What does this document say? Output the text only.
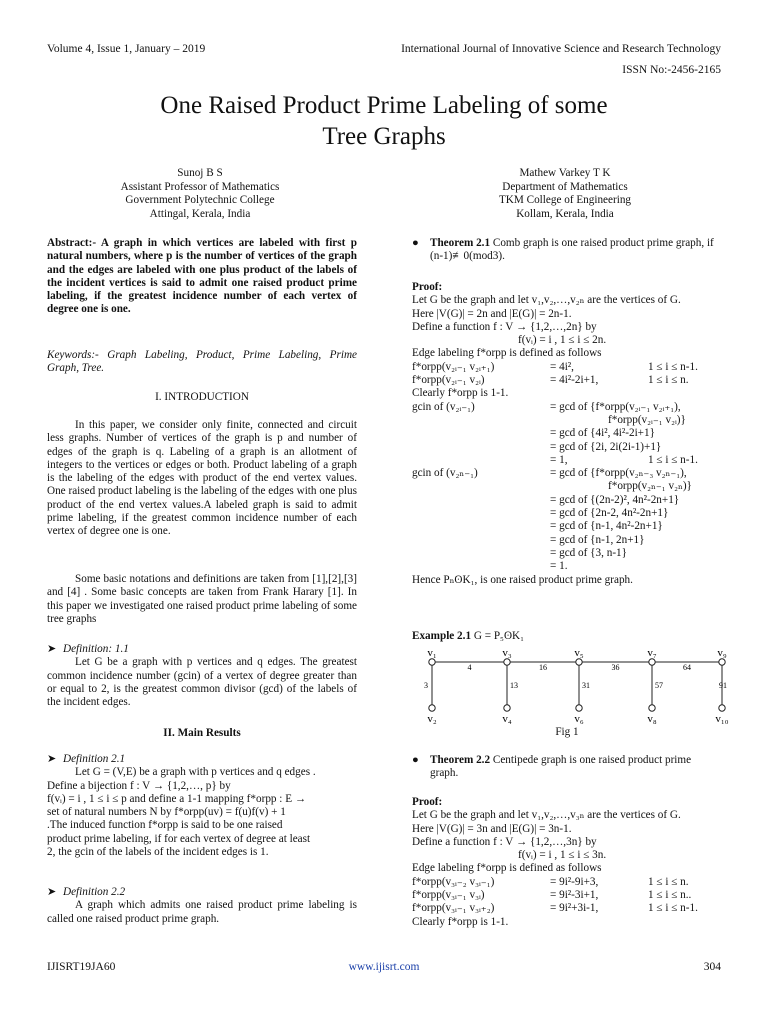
Volume 4, Issue 1, January – 2019	International Journal of Innovative Science and Research Technology
ISSN No:-2456-2165
One Raised Product Prime Labeling of some
Tree Graphs
Sunoj B S
Assistant Professor of Mathematics
Government Polytechnic College
Attingal, Kerala, India
Mathew Varkey T K
Department of Mathematics
TKM College of Engineering
Kollam, Kerala, India
Abstract:- A graph in which vertices are labeled with first p natural numbers, where p is the number of vertices of the graph and the edges are labeled with one plus product of the labels of the incident vertices is said to admit one raised product prime labeling, if the greatest incidence number of each vertex of degree one is one.
Keywords:- Graph Labeling, Product, Prime Labeling, Prime Graph, Tree.
I. INTRODUCTION
In this paper, we consider only finite, connected and circuit less graphs. Number of vertices of the graph is p and number of edges of the graph is q. Labeling of a graph is an allotment of integers to the vertices or edges or both. Product labeling of a graph is the labeling of the edges with product of the end vertex values. One raised product labeling is the labeling of the edges with one plus product of the end vertex values.A labeled graph is said to admit prime labeling, if the greatest common incidence number of each vertex of degree one is one.
Some basic notations and definitions are taken from [1],[2],[3] and [4] . Some basic concepts are taken from Frank Harary [1]. In this paper we investigated one raised product prime labeling of some tree graphs
➤ Definition: 1.1
Let G be a graph with p vertices and q edges. The greatest common incidence number (gcin) of a vertex of degree greater than or equal to 2, is the greatest common divisor (gcd) of the labels of the incident edges.
II. Main Results
➤ Definition 2.1
Let G = (V,E) be a graph with p vertices and q edges .
Define a bijection f : V → {1,2,…, p} by
f(vᵢ) = i , 1 ≤ i ≤ p and define a 1-1 mapping f*orpp : E →
set of natural numbers N by f*orpp(uv) = f(u)f(v) + 1
.The induced function f*orpp is said to be one raised
product prime labeling, if for each vertex of degree at least
2, the gcin of the labels of the incident edges is 1.
➤ Definition 2.2
A graph which admits one raised product prime labeling is called one raised product prime graph.
● Theorem 2.1 Comb graph is one raised product prime graph, if (n-1)≢0(mod3).
Proof:
Let G be the graph and let v₁,v₂,…,v₂ₙ are the vertices of G.
Here |V(G)| = 2n and |E(G)| = 2n-1.
Define a function f : V → {1,2,…,2n} by
f(vᵢ) = i , 1 ≤ i ≤ 2n.
Edge labeling f*orpp is defined as follows
f*orpp(v₂ᵢ₋₁ v₂ᵢ₊₁)	= 4i²,	1 ≤ i ≤ n-1.
f*orpp(v₂ᵢ₋₁ v₂ᵢ)	= 4i²-2i+1,	1 ≤ i ≤ n.
Clearly f*orpp is 1-1.
gcin of (v₂ᵢ₋₁)	= gcd of {f*orpp(v₂ᵢ₋₁ v₂ᵢ₊₁),
f*orpp(v₂ᵢ₋₁ v₂ᵢ)}
= gcd of {4i², 4i²-2i+1}
= gcd of {2i, 2i(2i-1)+1}
= 1,	1 ≤ i ≤ n-1.
gcin of (v₂ₙ₋₁)	= gcd of {f*orpp(v₂ₙ₋₃ v₂ₙ₋₁),
f*orpp(v₂ₙ₋₁ v₂ₙ)}
= gcd of {(2n-2)², 4n²-2n+1}
= gcd of {2n-2, 4n²-2n+1}
= gcd of {n-1, 4n²-2n+1}
= gcd of {n-1, 2n+1}
= gcd of {3, n-1}
= 1.
Hence PₙʘK₁, is one raised product prime graph.
Example 2.1 G = P₅ʘK₁
v₁
v₂
3
v₃
v₄
13
v₅
v₆
31
v₇
v₈
57
v₉
v₁₀
91
4	16	36	64
Fig 1
● Theorem 2.2 Centipede graph is one raised product prime graph.
Proof:
Let G be the graph and let v₁,v₂,…,v₃ₙ are the vertices of G.
Here |V(G)| = 3n and |E(G)| = 3n-1.
Define a function f : V → {1,2,…,3n} by
f(vᵢ) = i , 1 ≤ i ≤ 3n.
Edge labeling f*orpp is defined as follows
f*orpp(v₃ᵢ₋₂ v₃ᵢ₋₁)	= 9i²-9i+3,	1 ≤ i ≤ n.
f*orpp(v₃ᵢ₋₁ v₃ᵢ)	= 9i²-3i+1,	1 ≤ i ≤ n..
f*orpp(v₃ᵢ₋₁ v₃ᵢ₊₂)	= 9i²+3i-1,	1 ≤ i ≤ n-1.
Clearly f*orpp is 1-1.
IJISRT19JA60	www.ijisrt.com	304
